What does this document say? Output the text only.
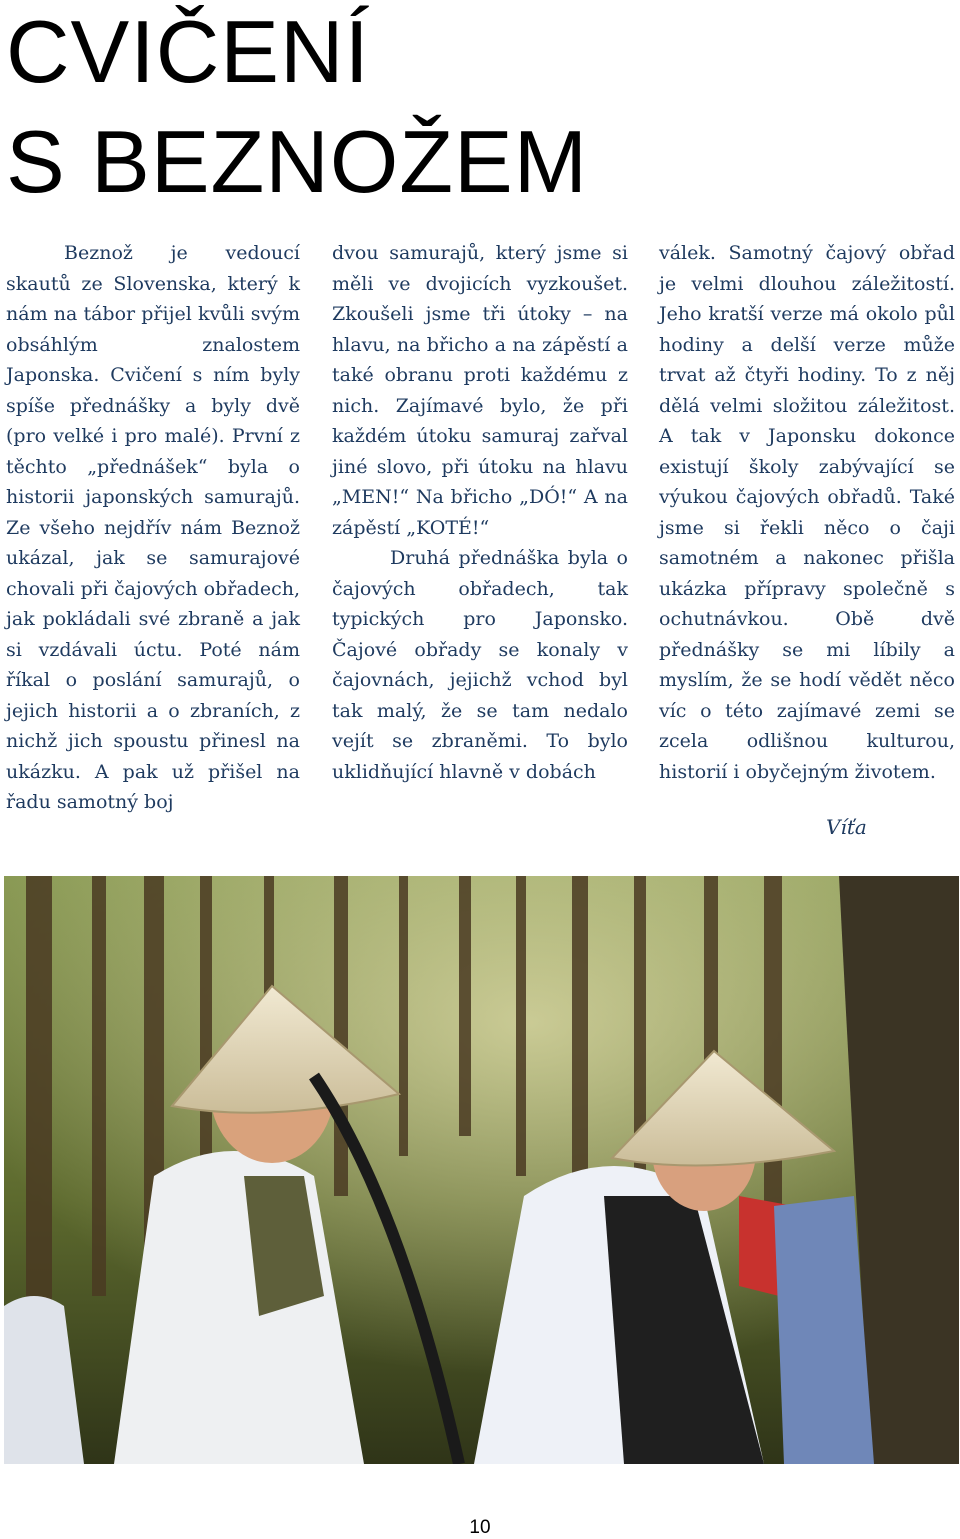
CVIČENÍ
S BEZNOŽEM

Beznož je vedoucí skautů ze Slovenska, který k nám na tábor přijel kvůli svým obsáhlým znalostem Japonska. Cvičení s ním byly spíše přednášky a byly dvě (pro velké i pro malé). První z těchto „přednášek“ byla o historii japonských samurajů. Ze všeho nejdřív nám Beznož ukázal, jak se samurajové chovali při čajových obřadech, jak pokládali své zbraně a jak si vzdávali úctu. Poté nám říkal o poslání samurajů, o jejich historii a o zbraních, z nichž jich spoustu přinesl na ukázku. A pak už přišel na řadu samotný boj

dvou samurajů, který jsme si měli ve dvojicích vyzkoušet. Zkoušeli jsme tři útoky – na hlavu, na břicho a na zápěstí a také obranu proti každému z nich. Zajímavé bylo, že při každém útoku samuraj zařval jiné slovo, při útoku na hlavu „MEN!“ Na břicho „DÓ!“ A na zápěstí „KOTÉ!“

Druhá přednáška byla o čajových obřadech, tak typických pro Japonsko. Čajové obřady se konaly v čajovnách, jejichž vchod byl tak malý, že se tam nedalo vejít se zbraněmi. To bylo uklidňující hlavně v dobách

válek. Samotný čajový obřad je velmi dlouhou záležitostí. Jeho kratší verze má okolo půl hodiny a delší verze může trvat až čtyři hodiny. To z něj dělá velmi složitou záležitost. A tak v Japonsku dokonce existují školy zabývající se výukou čajových obřadů. Také jsme si řekli něco o čaji samotném a nakonec přišla ukázka přípravy společně s ochutnávkou. Obě dvě přednášky se mi líbily a myslím, že se hodí vědět něco víc o této zajímavé zemi se zcela odlišnou kulturou, historií i obyčejným životem.

Víťa

10
